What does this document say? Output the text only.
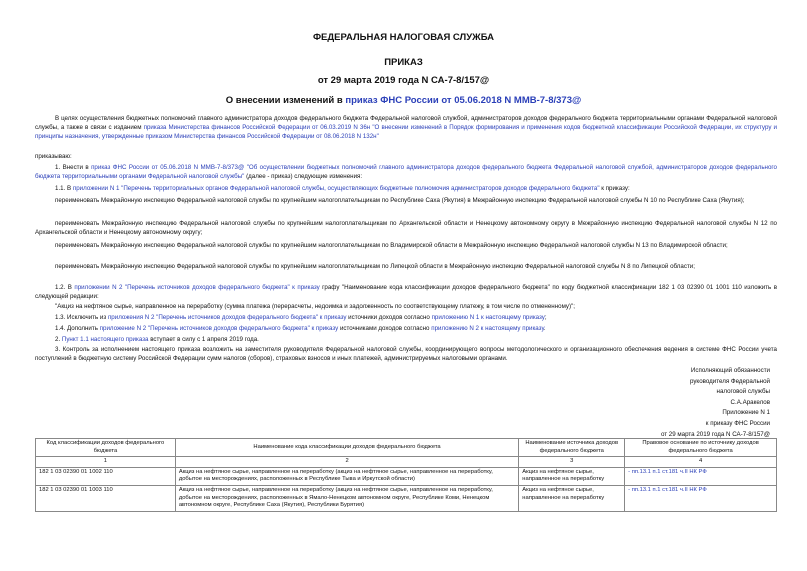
ФЕДЕРАЛЬНАЯ НАЛОГОВАЯ СЛУЖБА
ПРИКАЗ
от 29 марта 2019 года N СА-7-8/157@
О внесении изменений в приказ ФНС России от 05.06.2018 N ММВ-7-8/373@
В целях осуществления бюджетных полномочий главного администратора доходов федерального бюджета Федеральной налоговой службой, администраторов доходов федерального бюджета территориальными органами Федеральной налоговой службы, а также в связи с изданием приказа Министерства финансов Российской Федерации от 06.03.2019 N 36н "О внесении изменений в Порядок формирования и применения кодов бюджетной классификации Российской Федерации, их структуру и принципы назначения, утвержденные приказом Министерства финансов Российской Федерации от 08.06.2018 N 132н"
приказываю:
1. Внести в приказ ФНС России от 05.06.2018 N ММВ-7-8/373@ "Об осуществлении бюджетных полномочий главного администратора доходов федерального бюджета Федеральной налоговой службой, администраторов доходов федерального бюджета территориальными органами Федеральной налоговой службы" (далее - приказ) следующие изменения:
1.1. В приложении N 1 "Перечень территориальных органов Федеральной налоговой службы, осуществляющих бюджетные полномочия администраторов доходов федерального бюджета" к приказу:
переименовать Межрайонную инспекцию Федеральной налоговой службы по крупнейшим налогоплательщикам по Республике Саха (Якутия) в Межрайонную инспекцию Федеральной налоговой службы N 10 по Республике Саха (Якутия);
переименовать Межрайонную инспекцию Федеральной налоговой службы по крупнейшим налогоплательщикам по Архангельской области и Ненецкому автономному округу в Межрайонную инспекцию Федеральной налоговой службы N 12 по Архангельской области и Ненецкому автономному округу;
переименовать Межрайонную инспекцию Федеральной налоговой службы по крупнейшим налогоплательщикам по Владимирской области в Межрайонную инспекцию Федеральной налоговой службы N 13 по Владимирской области;
переименовать Межрайонную инспекцию Федеральной налоговой службы по крупнейшим налогоплательщикам по Липецкой области в Межрайонную инспекцию Федеральной налоговой службы N 8 по Липецкой области;
1.2. В приложении N 2 "Перечень источников доходов федерального бюджета" к приказу графу "Наименование кода классификации доходов федерального бюджета" по коду бюджетной классификации 182 1 03 02390 01 1001 110 изложить в следующей редакции:
"Акциз на нефтяное сырье, направленное на переработку (сумма платежа (перерасчеты, недоимка и задолженность по соответствующему платежу, в том числе по отмененному)";
1.3. Исключить из приложения N 2 "Перечень источников доходов федерального бюджета" к приказу источники доходов согласно приложению N 1 к настоящему приказу;
1.4. Дополнить приложение N 2 "Перечень источников доходов федерального бюджета" к приказу источниками доходов согласно приложению N 2 к настоящему приказу.
2. Пункт 1.1 настоящего приказа вступает в силу с 1 апреля 2019 года.
3. Контроль за исполнением настоящего приказа возложить на заместителя руководителя Федеральной налоговой службы, координирующего вопросы методологического и организационного обеспечения ведения в системе ФНС России учета поступлений в бюджетную систему Российской Федерации сумм налогов (сборов), страховых взносов и иных платежей, администрируемых налоговыми органами.
Исполняющий обязанности
руководителя Федеральной
налоговой службы
С.А.Аракелов
Приложение N 1
к приказу ФНС России
от 29 марта 2019 года N СА-7-8/157@
Код классификации доходов федерального бюджета	Наименование кода классификации доходов федерального бюджета	Наименование источника доходов федерального бюджета	Правовое основание по источнику доходов федерального бюджета
1	2	3	4
182 1 03 02390 01 1002 110	Акциз на нефтяное сырье, направленное на переработку (акциз на нефтяное сырье, направленное на переработку, добытое на месторождениях, расположенных в Республике Тыва и Иркутской области)	Акциз на нефтяное сырье, направленное на переработку	- пп.13.1 п.1 ст.181 ч.II НК РФ
182 1 03 02390 01 1003 110	Акциз на нефтяное сырье, направленное на переработку (акциз на нефтяное сырье, направленное на переработку, добытое на месторождениях, расположенных в Ямало-Ненецком автономном округе, Республике Коми, Ненецком автономном округе, Республике Саха (Якутия), Республики Бурятия)	Акциз на нефтяное сырье, направленное на переработку	- пп.13.1 п.1 ст.181 ч.II НК РФ
